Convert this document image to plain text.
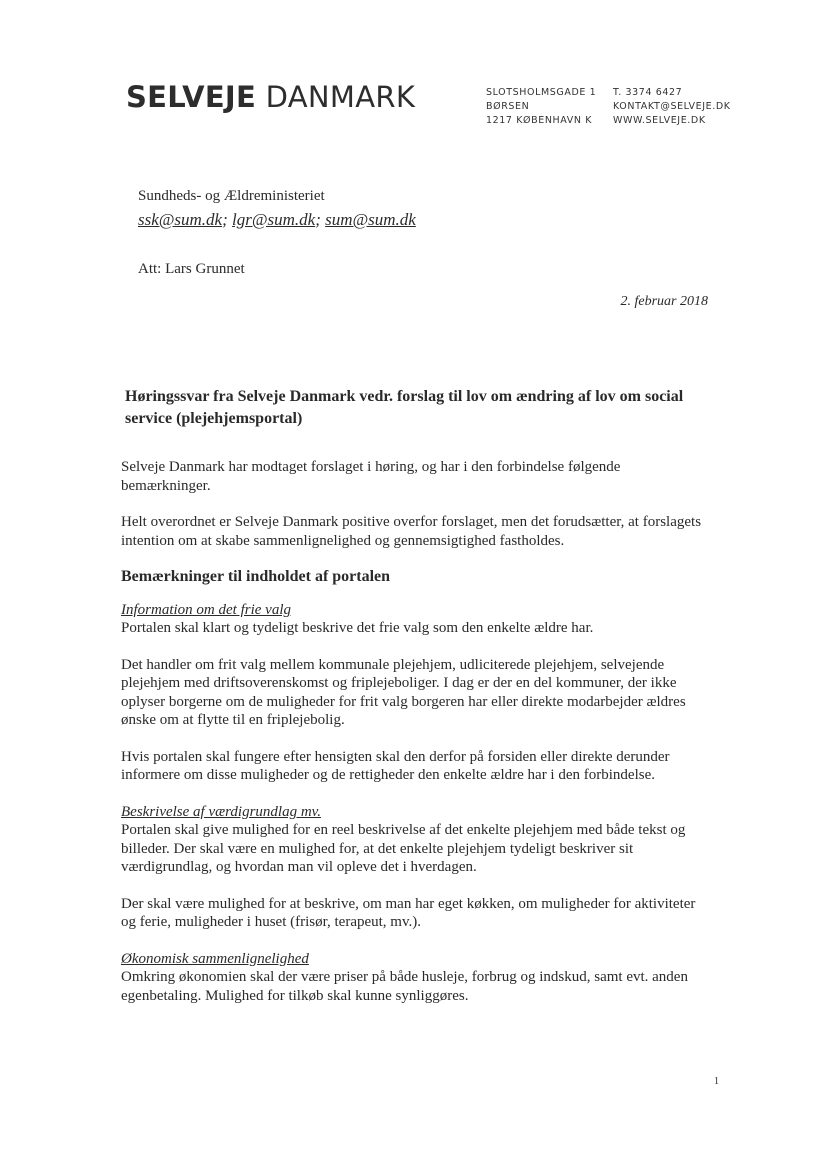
SELVEJE DANMARK	SLOTSHOLMSGADE 1
BØRSEN
1217 KØBENHAVN K
T. 3374 6427
KONTAKT@SELVEJE.DK
WWW.SELVEJE.DK
Sundheds- og Ældreministeriet
ssk@sum.dk; lgr@sum.dk; sum@sum.dk
Att: Lars Grunnet
2. februar 2018

Høringssvar fra Selveje Danmark vedr. forslag til lov om ændring af lov om social service (plejehjemsportal)

Selveje Danmark har modtaget forslaget i høring, og har i den forbindelse følgende bemærkninger.

Helt overordnet er Selveje Danmark positive overfor forslaget, men det forudsætter, at forslagets intention om at skabe sammenlignelighed og gennemsigtighed fastholdes.

Bemærkninger til indholdet af portalen

Information om det frie valg

Portalen skal klart og tydeligt beskrive det frie valg som den enkelte ældre har.

Det handler om frit valg mellem kommunale plejehjem, udliciterede plejehjem, selvejende plejehjem med driftsoverenskomst og friplejeboliger. I dag er der en del kommuner, der ikke oplyser borgerne om de muligheder for frit valg borgeren har eller direkte modarbejder ældres ønske om at flytte til en friplejebolig.

Hvis portalen skal fungere efter hensigten skal den derfor på forsiden eller direkte derunder informere om disse muligheder og de rettigheder den enkelte ældre har i den forbindelse.

Beskrivelse af værdigrundlag mv.

Portalen skal give mulighed for en reel beskrivelse af det enkelte plejehjem med både tekst og billeder. Der skal være en mulighed for, at det enkelte plejehjem tydeligt beskriver sit værdigrundlag, og hvordan man vil opleve det i hverdagen.

Der skal være mulighed for at beskrive, om man har eget køkken, om muligheder for aktiviteter og ferie, muligheder i huset (frisør, terapeut, mv.).

Økonomisk sammenlignelighed

Omkring økonomien skal der være priser på både husleje, forbrug og indskud, samt evt. anden egenbetaling. Mulighed for tilkøb skal kunne synliggøres.

1
